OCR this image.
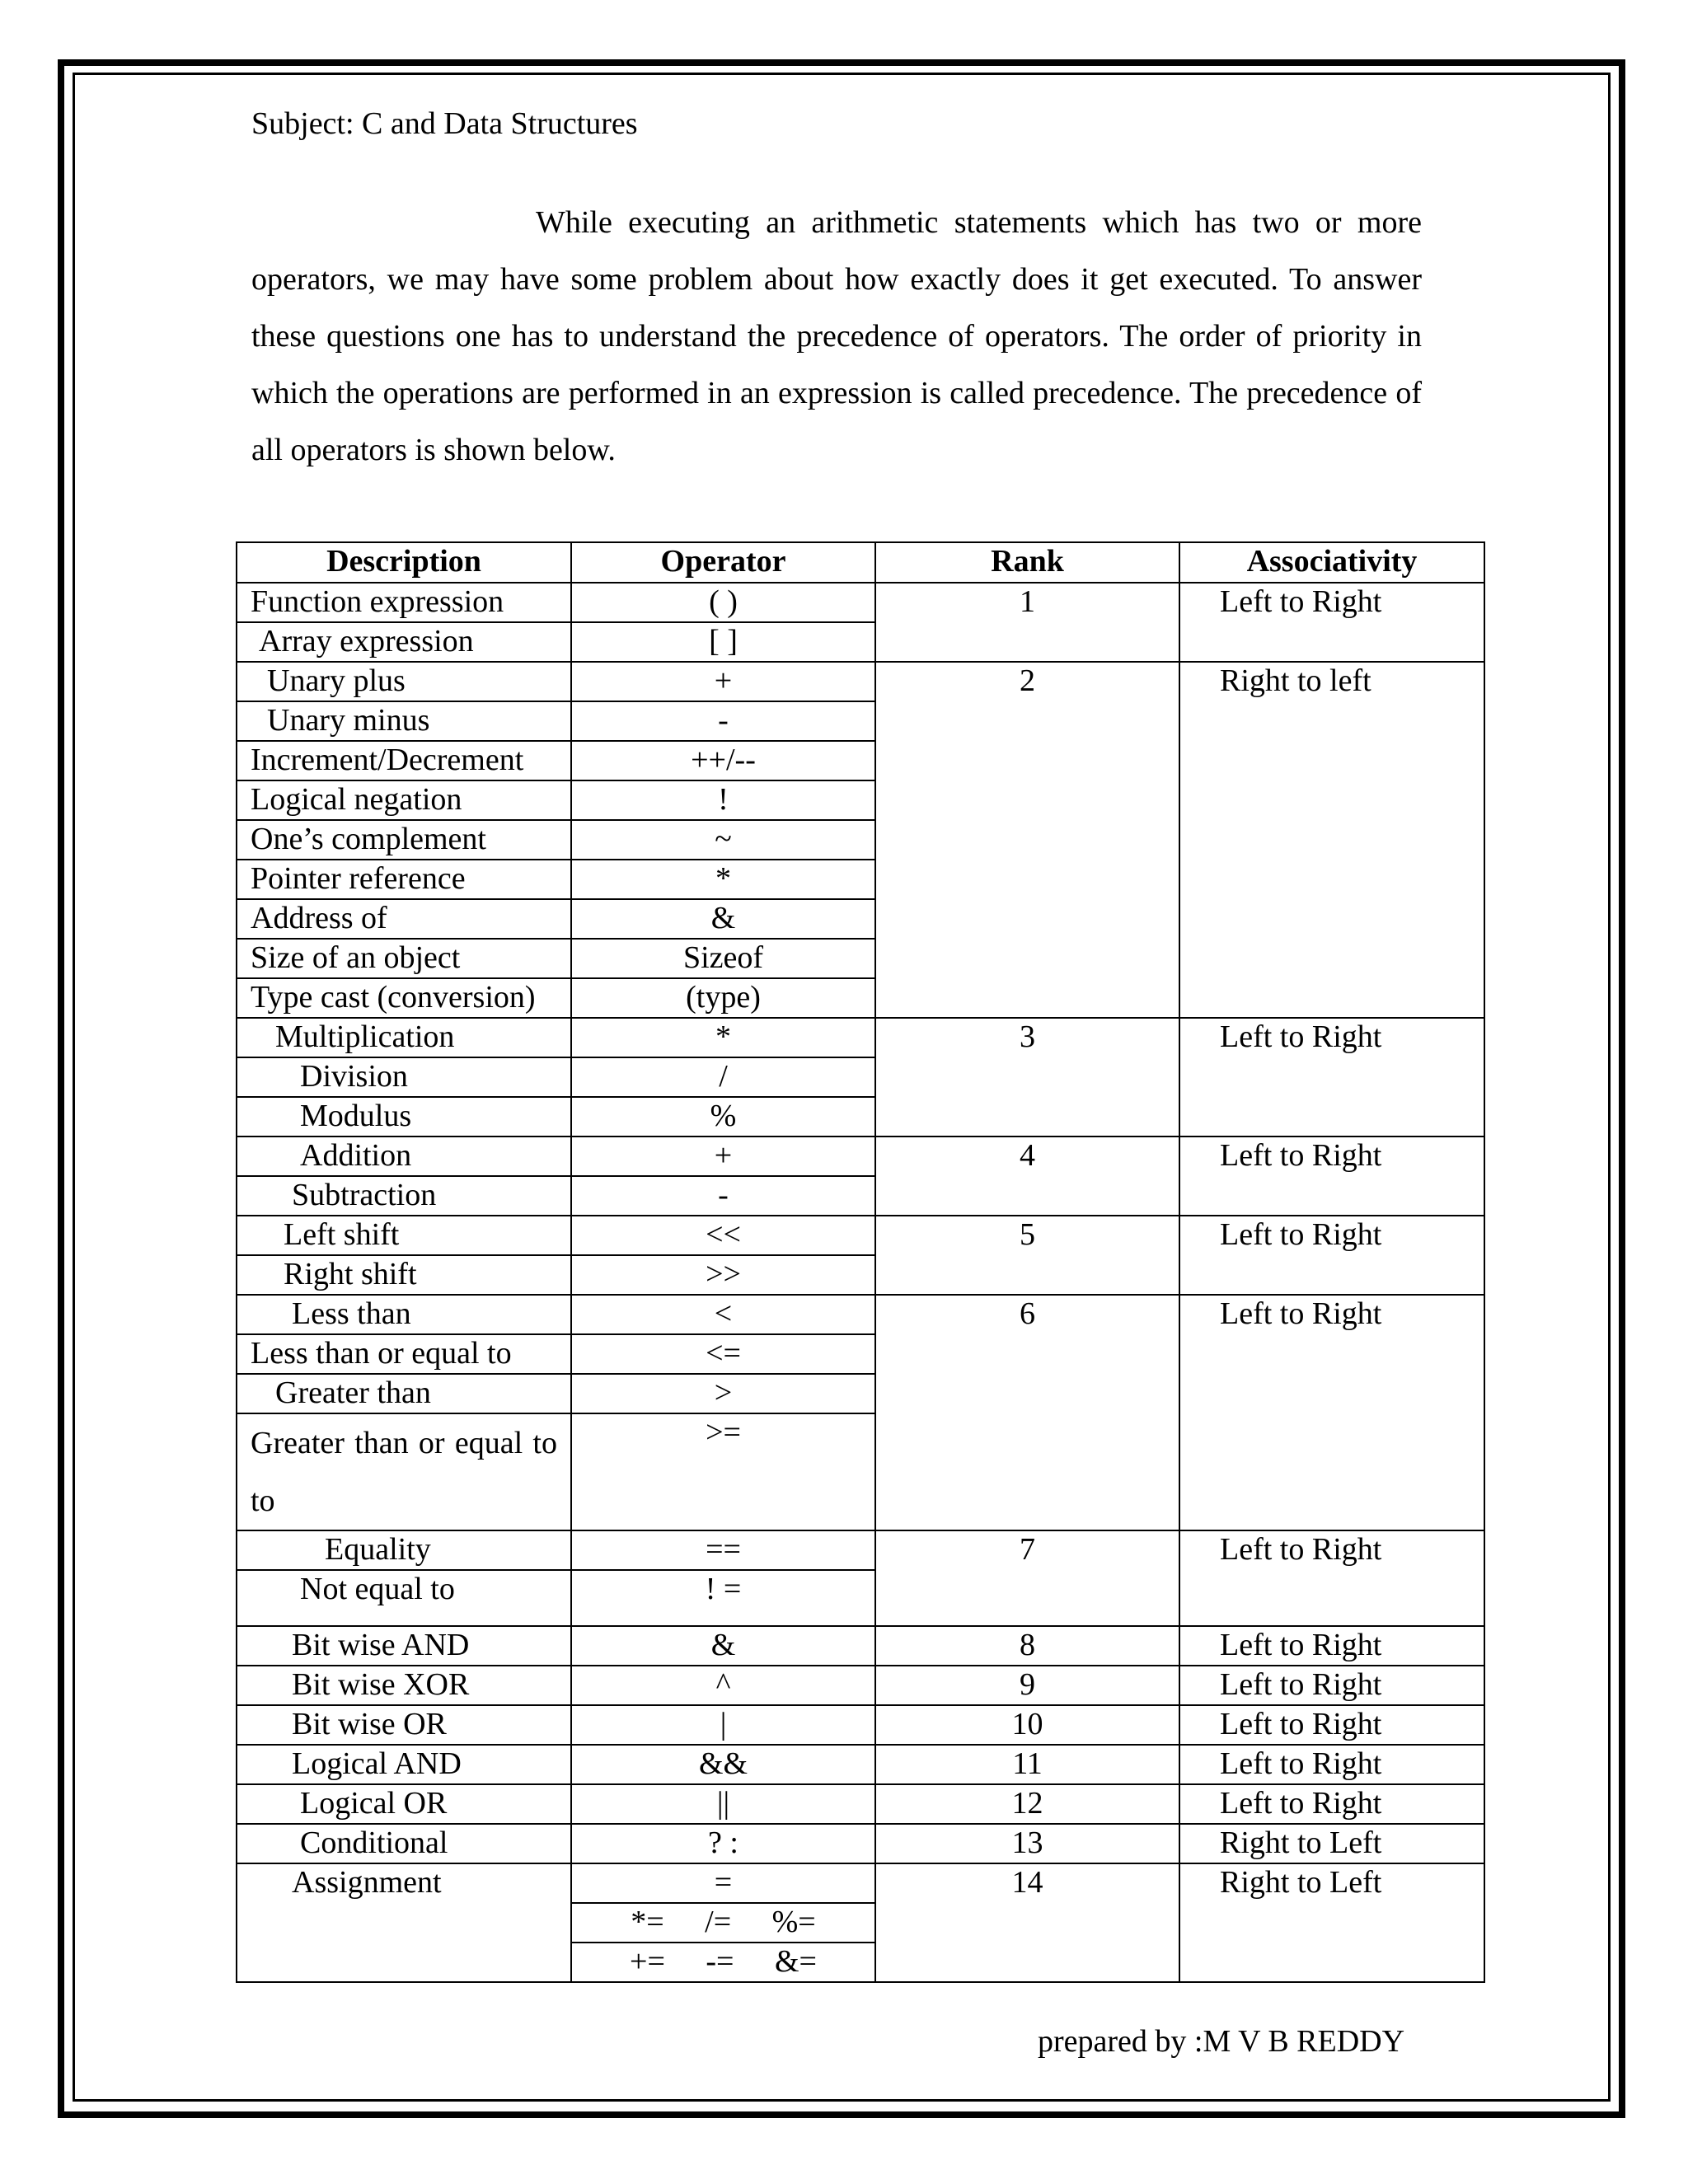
Subject: C and Data Structures

While executing an arithmetic statements which has two or more operators, we may have some problem about how exactly does it get executed. To answer these questions one has to understand the precedence of operators. The order of priority in which the operations are performed in an expression is called precedence. The precedence of all operators is shown below.

Description	Operator	Rank	Associativity
Function expression	( )	1	Left to Right
Array expression	[ ]		
Unary plus	+	2	Right to left
Unary minus	-		
Increment/Decrement	++/--		
Logical negation	!		
One’s complement	~		
Pointer reference	*		
Address of	&		
Size of an object	Sizeof		
Type cast (conversion)	(type)		
Multiplication	*	3	Left to Right
Division	/		
Modulus	%		
Addition	+	4	Left to Right
Subtraction	-		
Left shift	<<	5	Left to Right
Right shift	>>		
Less than	<	6	Left to Right
Less than or equal to	<=		
Greater than	>		
Greater than or equal to to	>=		
Equality	==	7	Left to Right
Not equal to	! =		
Bit wise AND	&	8	Left to Right
Bit wise XOR	^	9	Left to Right
Bit wise OR	|	10	Left to Right
Logical AND	&&	11	Left to Right
Logical OR	||	12	Left to Right
Conditional	? :	13	Right to Left
Assignment	=	14	Right to Left
	*= /= %=		
	+= -= &=		
prepared by :M V B REDDY
